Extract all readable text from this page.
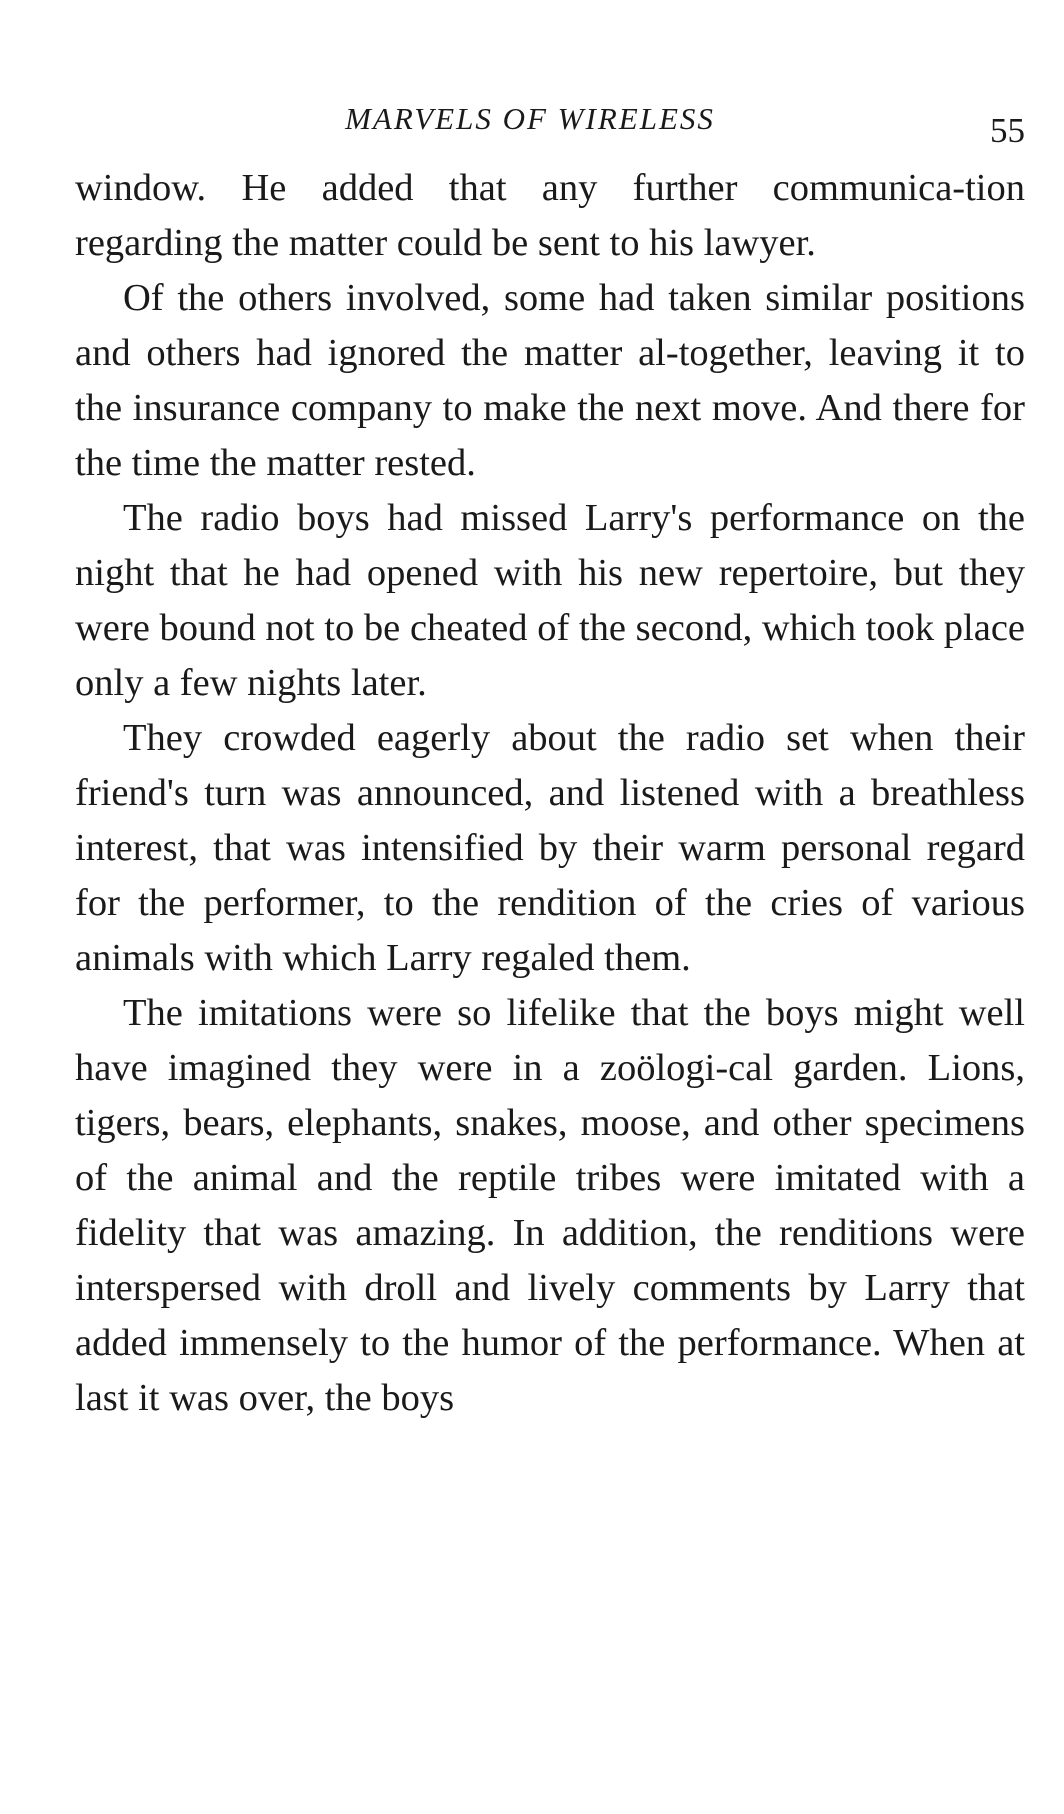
MARVELS OF WIRELESS	55

window. He added that any further communica-tion regarding the matter could be sent to his lawyer.

Of the others involved, some had taken similar positions and others had ignored the matter al-together, leaving it to the insurance company to make the next move. And there for the time the matter rested.

The radio boys had missed Larry's performance on the night that he had opened with his new repertoire, but they were bound not to be cheated of the second, which took place only a few nights later.

They crowded eagerly about the radio set when their friend's turn was announced, and listened with a breathless interest, that was intensified by their warm personal regard for the performer, to the rendition of the cries of various animals with which Larry regaled them.

The imitations were so lifelike that the boys might well have imagined they were in a zoölogi-cal garden. Lions, tigers, bears, elephants, snakes, moose, and other specimens of the animal and the reptile tribes were imitated with a fidelity that was amazing. In addition, the renditions were interspersed with droll and lively comments by Larry that added immensely to the humor of the performance. When at last it was over, the boys
